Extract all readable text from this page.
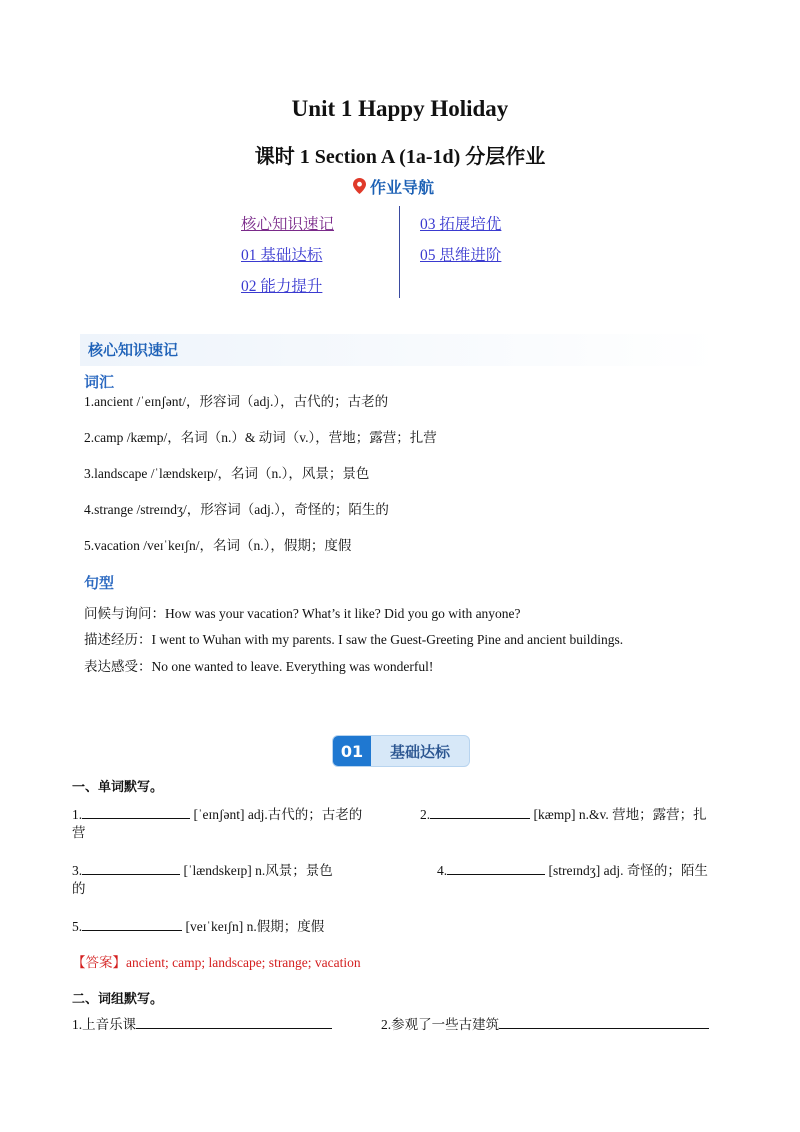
Unit 1 Happy Holiday
课时 1 Section A (1a-1d) 分层作业
作业导航
核心知识速记
01 基础达标
02 能力提升
03 拓展培优
05 思维进阶
核心知识速记
词汇
1.ancient /ˈeɪnʃənt/，形容词（adj.），古代的；古老的
2.camp /kæmp/，名词（n.）& 动词（v.），营地；露营；扎营
3.landscape /ˈlændskeɪp/，名词（n.），风景；景色
4.strange /streɪndʒ/，形容词（adj.），奇怪的；陌生的
5.vacation /veɪˈkeɪʃn/，名词（n.），假期；度假
句型
问候与询问：How was your vacation? What’s it like? Did you go with anyone?
描述经历：I went to Wuhan with my parents. I saw the Guest-Greeting Pine and ancient buildings.
表达感受：No one wanted to leave. Everything was wonderful!
01	基础达标
一、单词默写。
1.	[ˈeɪnʃənt] adj.古代的；古老的	2.	[kæmp] n.&v. 营地；露营；扎
营
3.	[ˈlændskeɪp] n.风景；景色	4.	[streɪndʒ] adj. 奇怪的；陌生
的
5.	[veɪˈkeɪʃn] n.假期；度假
【答案】ancient; camp; landscape; strange; vacation
二、词组默写。
1.上音乐课	2.参观了一些古建筑
